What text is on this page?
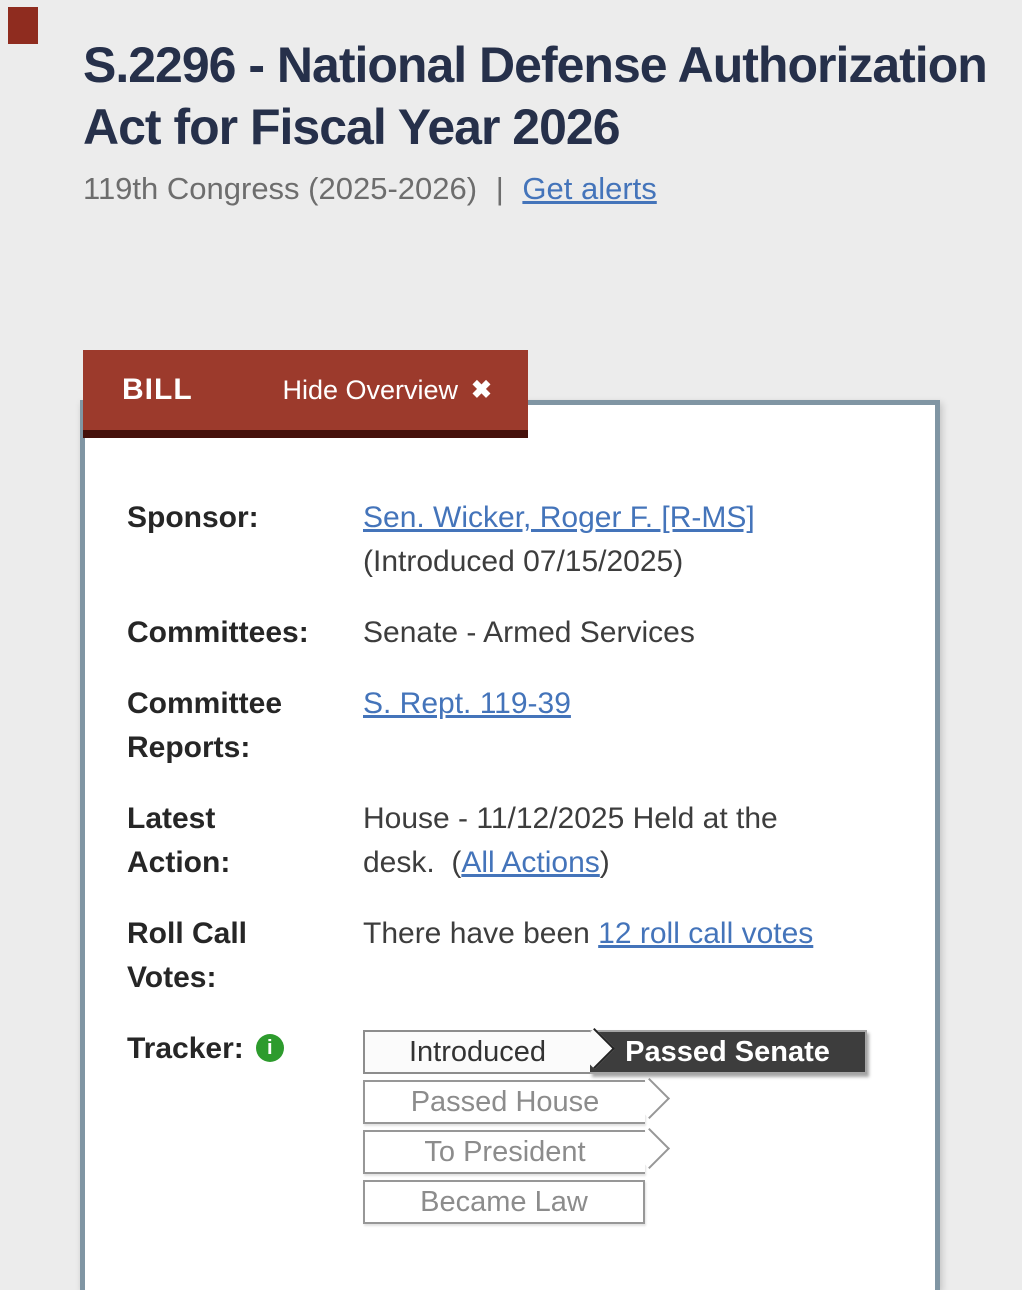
S.2296 - National Defense Authorization Act for Fiscal Year 2026
119th Congress (2025-2026) | Get alerts
BILL	Hide Overview ✖
Sponsor:	Sen. Wicker, Roger F. [R-MS] (Introduced 07/15/2025)
Committees:	Senate - Armed Services
Committee Reports:
S. Rept. 119-39
Latest Action:
House - 11/12/2025 Held at the desk.  (All Actions)
Roll Call Votes:
There have been 12 roll call votes
Tracker:	i	Introduced	Passed Senate
Passed House
To President
Became Law
